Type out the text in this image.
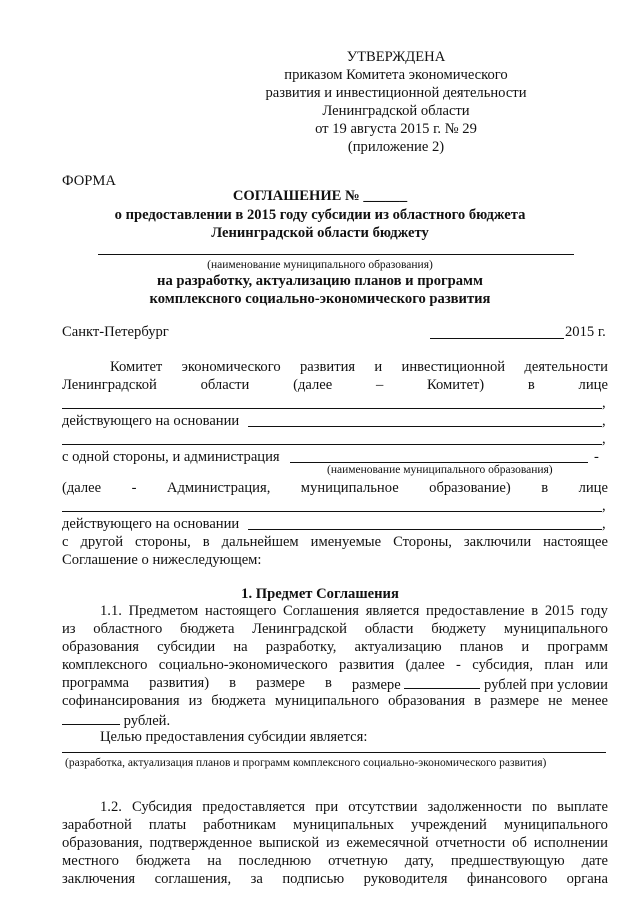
УТВЕРЖДЕНА
приказом Комитета экономического
развития и инвестиционной деятельности
Ленинградской области
от 19 августа 2015 г. № 29
(приложение 2)
ФОРМА
СОГЛАШЕНИЕ № ______
о предоставлении в 2015 году субсидии из областного бюджета
Ленинградской области бюджету
(наименование муниципального образования)
на разработку, актуализацию планов и программ
комплексного социально-экономического развития
Санкт-Петербург	2015 г.
Комитет экономического развития и инвестиционной деятельности
Ленинградской	области	(далее	–	Комитет)	в	лице
,
действующего на основании	,
,
с одной стороны, и администрация	-
(наименование муниципального образования)
(далее - Администрация, муниципальное образование) в лице
,
действующего на основании	,
с другой стороны, в дальнейшем именуемые Стороны, заключили настоящее
Соглашение о нижеследующем:
1. Предмет Соглашения
1.1. Предметом настоящего Соглашения является предоставление в 2015 году
из областного бюджета Ленинградской области бюджету муниципального
образования субсидии на разработку, актуализацию планов и программ
комплексного социально-экономического развития (далее - субсидия, план или
программа развития) в размере в размере	рублей при условии
софинансирования из бюджета муниципального образования в размере не менее
рублей.
Целью предоставления субсидии является:
(разработка, актуализация планов и программ комплексного социально-экономического развития)
1.2. Субсидия предоставляется при отсутствии задолженности по выплате
заработной платы работникам муниципальных учреждений муниципального
образования, подтвержденное выпиской из ежемесячной отчетности об исполнении
местного бюджета на последнюю отчетную дату, предшествующую дате
заключения соглашения, за подписью руководителя финансового органа
